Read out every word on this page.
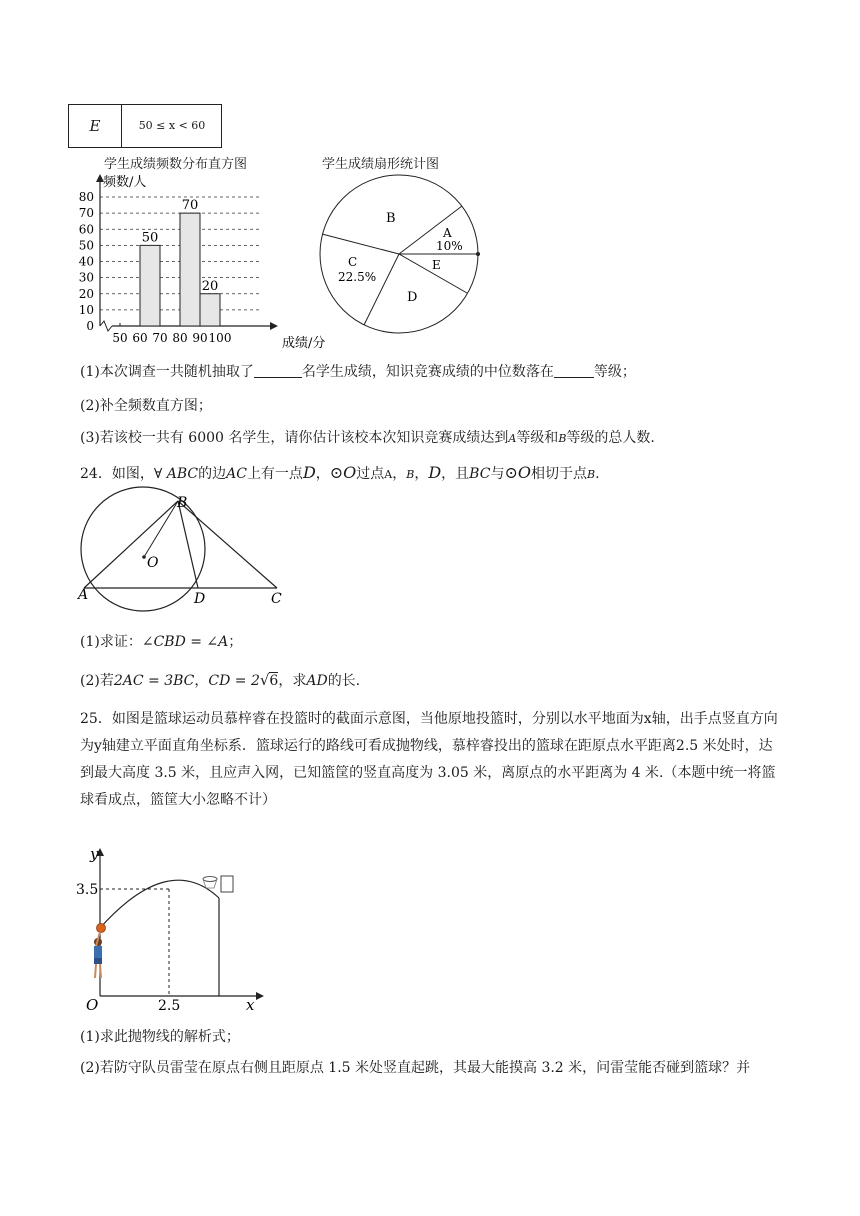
E	50 ≤ x < 60
学生成绩频数分布直方图	学生成绩扇形统计图
0
10
20
30
40
50
60
70
80
50 60 70 80 90 100
50
70
20
频数/人
成绩/分
B
A
10%
E
D
C
22.5%
(1)本次调查一共随机抽取了	名学生成绩，知识竞赛成绩的中位数落在	等级；
(2)补全频数直方图；
(3)若该校一共有 6000 名学生，请你估计该校本次知识竞赛成绩达到A等级和B等级的总人数.
24．如图，∀ ABC的边AC上有一点D，⊙O过点A，B，D，且BC与⊙O相切于点B.
B
O
A	D	C
(1)求证：∠CBD = ∠A；
(2)若2AC = 3BC，CD = 2√6，求AD的长.
25．如图是篮球运动员慕梓睿在投篮时的截面示意图，当他原地投篮时，分别以水平地面为x轴，出手点竖直方向为y轴建立平面直角坐标系．篮球运行的路线可看成抛物线，慕梓睿投出的篮球在距原点水平距离2.5 米处时，达到最大高度 3.5 米，且应声入网，已知篮筐的竖直高度为 3.05 米，离原点的水平距离为 4 米.（本题中统一将篮球看成点，篮筐大小忽略不计）
y
3.5
O	2.5	x
(1)求此抛物线的解析式；
(2)若防守队员雷莹在原点右侧且距原点 1.5 米处竖直起跳，其最大能摸高 3.2 米，问雷莹能否碰到篮球？并
